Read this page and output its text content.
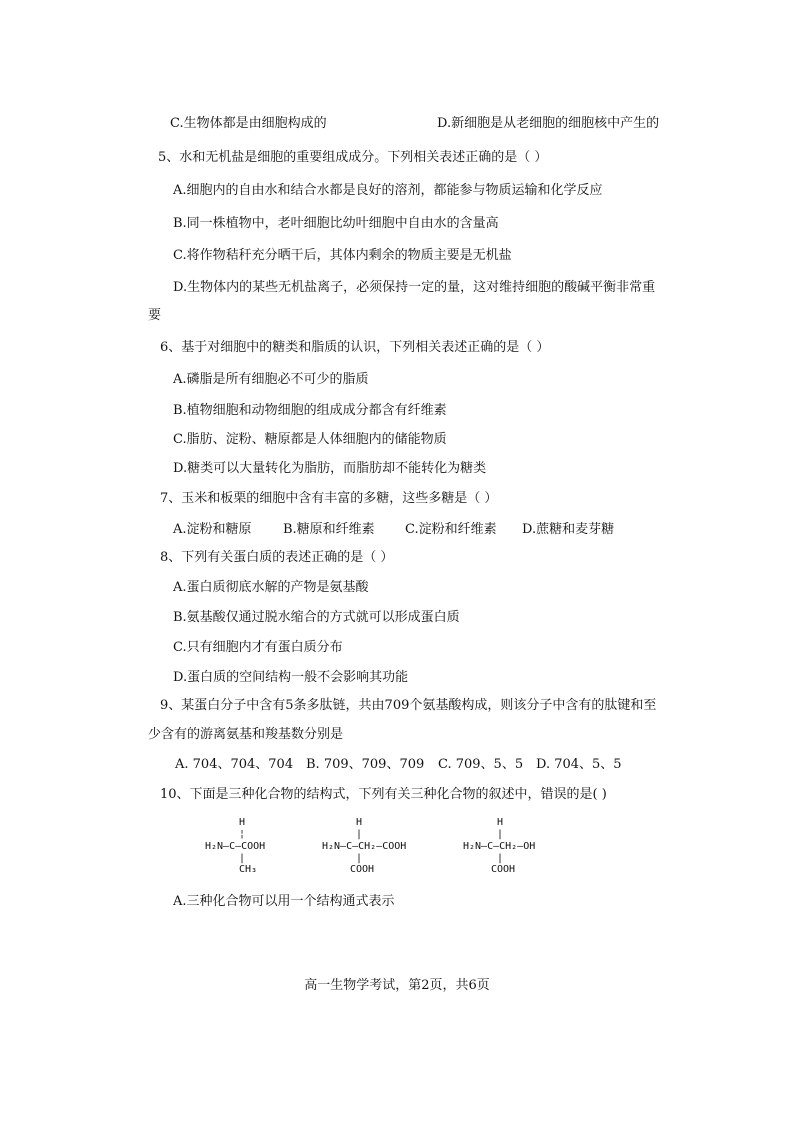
C.生物体都是由细胞构成的	D.新细胞是从老细胞的细胞核中产生的
5、水和无机盐是细胞的重要组成成分。下列相关表述正确的是（ ）
A.细胞内的自由水和结合水都是良好的溶剂，都能参与物质运输和化学反应
B.同一株植物中，老叶细胞比幼叶细胞中自由水的含量高
C.将作物秸秆充分晒干后，其体内剩余的物质主要是无机盐
D.生物体内的某些无机盐离子，必须保持一定的量，这对维持细胞的酸碱平衡非常重
要
6、基于对细胞中的糖类和脂质的认识，下列相关表述正确的是（ ）
A.磷脂是所有细胞必不可少的脂质
B.植物细胞和动物细胞的组成成分都含有纤维素
C.脂肪、淀粉、糖原都是人体细胞内的储能物质
D.糖类可以大量转化为脂肪，而脂肪却不能转化为糖类
7、玉米和板栗的细胞中含有丰富的多糖，这些多糖是（ ）
A.淀粉和糖原 B.糖原和纤维素 C.淀粉和纤维素 D.蔗糖和麦芽糖
8、下列有关蛋白质的表述正确的是（ ）
A.蛋白质彻底水解的产物是氨基酸
B.氨基酸仅通过脱水缩合的方式就可以形成蛋白质
C.只有细胞内才有蛋白质分布
D.蛋白质的空间结构一般不会影响其功能
9、某蛋白分子中含有5条多肽链，共由709个氨基酸构成，则该分子中含有的肽键和至
少含有的游离氨基和羧基数分别是
A. 704、704、704 B. 709、709、709 C. 709、5、5 D. 704、5、5
10、下面是三种化合物的结构式，下列有关三种化合物的叙述中，错误的是( )
H
¦
H₂N—C—COOH
|
CH₃
H
|
H₂N—C—CH₂—COOH
|
COOH
H
|
H₂N—C—CH₂—OH
|
COOH
A.三种化合物可以用一个结构通式表示
高一生物学考试，第2页，共6页
